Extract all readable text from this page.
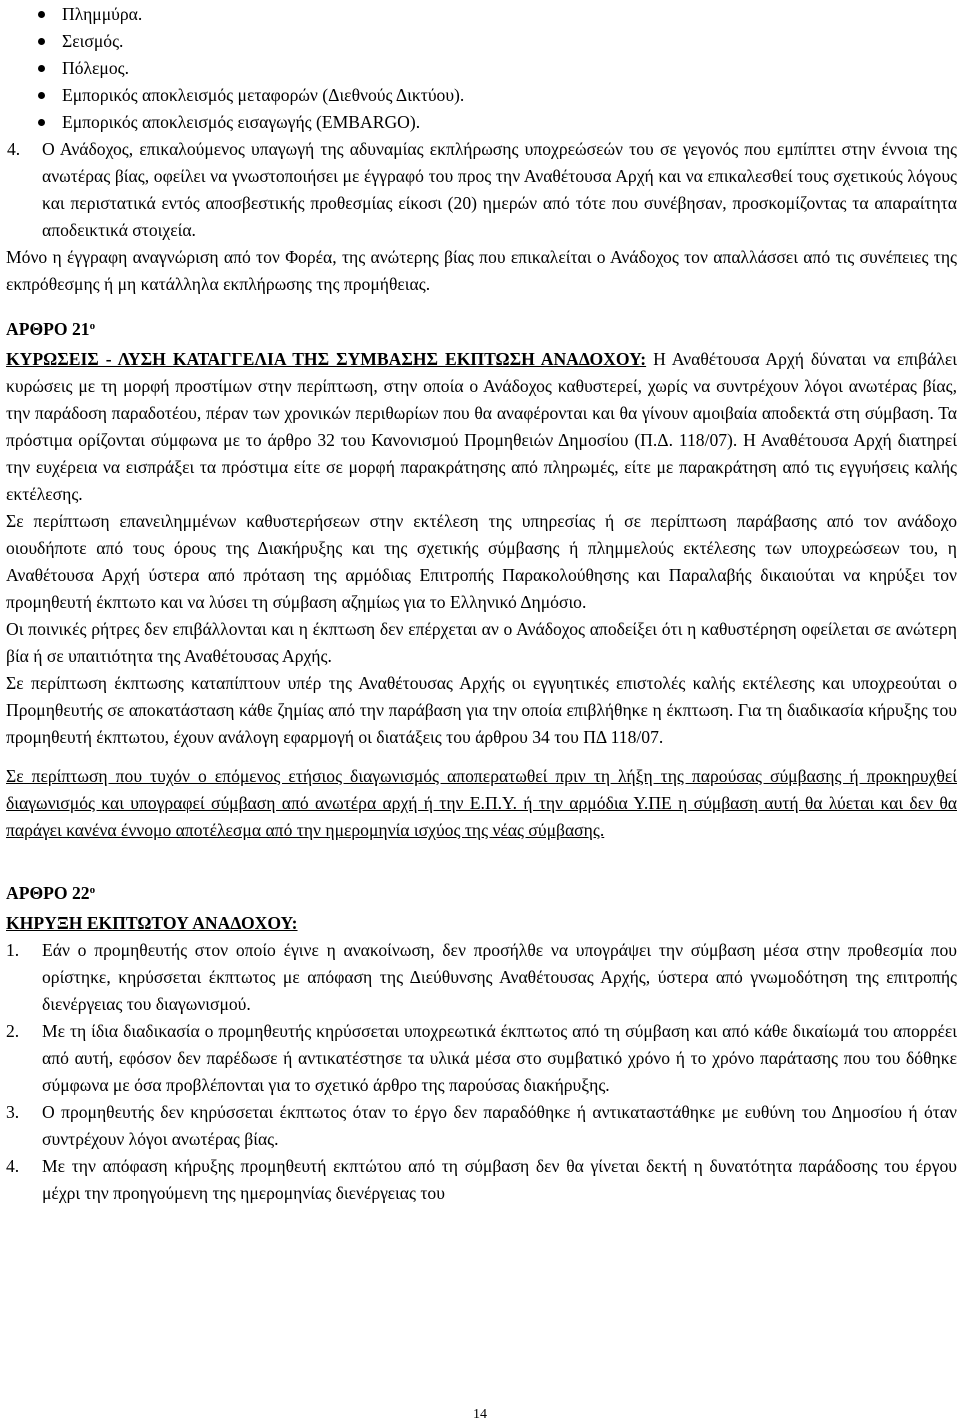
Πλημμύρα.
Σεισμός.
Πόλεμος.
Εμπορικός αποκλεισμός μεταφορών (Διεθνούς Δικτύου).
Εμπορικός αποκλεισμός εισαγωγής (EMBARGO).
4. Ο Ανάδοχος, επικαλούμενος υπαγωγή της αδυναμίας εκπλήρωσης υποχρεώσεών του σε γεγονός που εμπίπτει στην έννοια της ανωτέρας βίας, οφείλει να γνωστοποιήσει με έγγραφό του προς την Αναθέτουσα Αρχή και να επικαλεσθεί τους σχετικούς λόγους και περιστατικά εντός αποσβεστικής προθεσμίας είκοσι (20) ημερών από τότε που συνέβησαν, προσκομίζοντας τα απαραίτητα αποδεικτικά στοιχεία.

Μόνο η έγγραφη αναγνώριση από τον Φορέα, της ανώτερης βίας που επικαλείται ο Ανάδοχος τον απαλλάσσει από τις συνέπειες της εκπρόθεσμης ή μη κατάλληλα εκπλήρωσης της προμήθειας.

ΑΡΘΡΟ $21^o$

ΚΥΡΩΣΕΙΣ - ΛΥΣΗ ΚΑΤΑΓΓΕΛΙΑ ΤΗΣ ΣΥΜΒΑΣΗΣ ΕΚΠΤΩΣΗ ΑΝΑΔΟΧΟΥ: Η Αναθέτουσα Αρχή δύναται να επιβάλει κυρώσεις με τη μορφή προστίμων στην περίπτωση, στην οποία ο Ανάδοχος καθυστερεί, χωρίς να συντρέχουν λόγοι ανωτέρας βίας, την παράδοση παραδοτέου, πέραν των χρονικών περιθωρίων που θα αναφέρονται και θα γίνουν αμοιβαία αποδεκτά στη σύμβαση. Τα πρόστιμα ορίζονται σύμφωνα με το άρθρο 32 του Κανονισμού Προμηθειών Δημοσίου (Π.Δ. 118/07). Η Αναθέτουσα Αρχή διατηρεί την ευχέρεια να εισπράξει τα πρόστιμα είτε σε μορφή παρακράτησης από πληρωμές, είτε με παρακράτηση από τις εγγυήσεις καλής εκτέλεσης.

Σε περίπτωση επανειλημμένων καθυστερήσεων στην εκτέλεση της υπηρεσίας ή σε περίπτωση παράβασης από τον ανάδοχο οιουδήποτε από τους όρους της Διακήρυξης και της σχετικής σύμβασης ή πλημμελούς εκτέλεσης των υποχρεώσεων του, η Αναθέτουσα Αρχή ύστερα από πρόταση της αρμόδιας Επιτροπής Παρακολούθησης και Παραλαβής δικαιούται να κηρύξει τον προμηθευτή έκπτωτο και να λύσει τη σύμβαση αζημίως για το Ελληνικό Δημόσιο.

Οι ποινικές ρήτρες δεν επιβάλλονται και η έκπτωση δεν επέρχεται αν ο Ανάδοχος αποδείξει ότι η καθυστέρηση οφείλεται σε ανώτερη βία ή σε υπαιτιότητα της Αναθέτουσας Αρχής.

Σε περίπτωση έκπτωσης καταπίπτουν υπέρ της Αναθέτουσας Αρχής οι εγγυητικές επιστολές καλής εκτέλεσης και υποχρεούται ο Προμηθευτής σε αποκατάσταση κάθε ζημίας από την παράβαση για την οποία επιβλήθηκε η έκπτωση. Για τη διαδικασία κήρυξης του προμηθευτή έκπτωτου, έχουν ανάλογη εφαρμογή οι διατάξεις του άρθρου 34 του ΠΔ 118/07.

Σε περίπτωση που τυχόν ο επόμενος ετήσιος διαγωνισμός αποπερατωθεί πριν τη λήξη της παρούσας σύμβασης ή προκηρυχθεί διαγωνισμός και υπογραφεί σύμβαση από ανωτέρα αρχή ή την Ε.Π.Υ. ή την αρμόδια Υ.ΠΕ η σύμβαση αυτή θα λύεται και δεν θα παράγει κανένα έννομο αποτέλεσμα από την ημερομηνία ισχύος της νέας σύμβασης.

ΑΡΘΡΟ $22^o$

ΚΗΡΥΞΗ ΕΚΠΤΩΤΟΥ ΑΝΑΔΟΧΟΥ:

1. Εάν ο προμηθευτής στον οποίο έγινε η ανακοίνωση, δεν προσήλθε να υπογράψει την σύμβαση μέσα στην προθεσμία που ορίστηκε, κηρύσσεται έκπτωτος με απόφαση της Διεύθυνσης Αναθέτουσας Αρχής, ύστερα από γνωμοδότηση της επιτροπής διενέργειας του διαγωνισμού.
2. Με τη ίδια διαδικασία ο προμηθευτής κηρύσσεται υποχρεωτικά έκπτωτος από τη σύμβαση και από κάθε δικαίωμά του απορρέει από αυτή, εφόσον δεν παρέδωσε ή αντικατέστησε τα υλικά μέσα στο συμβατικό χρόνο ή το χρόνο παράτασης που του δόθηκε σύμφωνα με όσα προβλέπονται για το σχετικό άρθρο της παρούσας διακήρυξης.
3. Ο προμηθευτής δεν κηρύσσεται έκπτωτος όταν το έργο δεν παραδόθηκε ή αντικαταστάθηκε με ευθύνη του Δημοσίου ή όταν συντρέχουν λόγοι ανωτέρας βίας.
4. Με την απόφαση κήρυξης προμηθευτή εκπτώτου από τη σύμβαση δεν θα γίνεται δεκτή η δυνατότητα παράδοσης του έργου μέχρι την προηγούμενη της ημερομηνίας διενέργειας του
14
